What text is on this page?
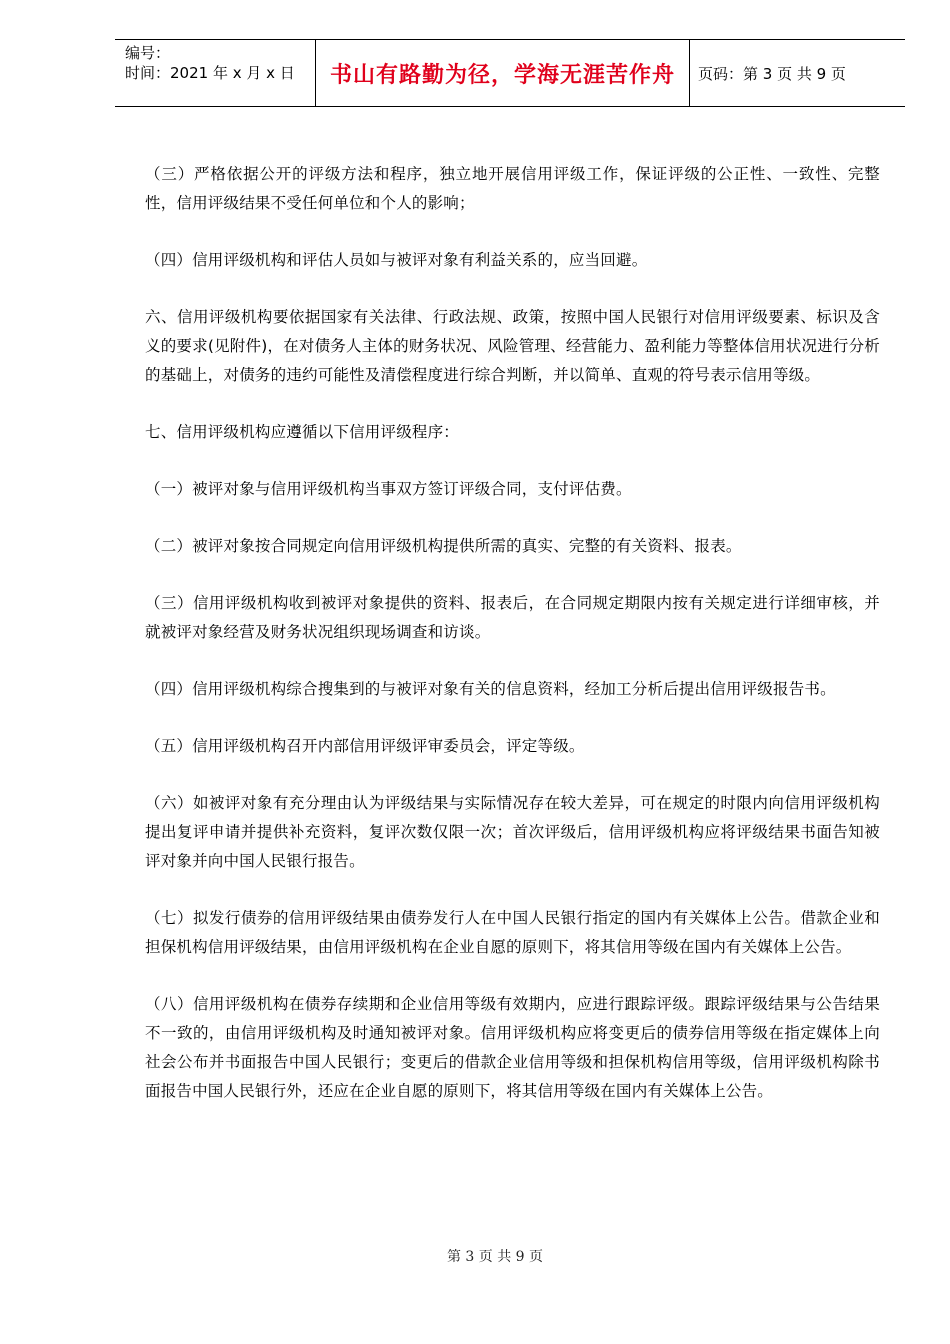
编号：
时间：2021 年 x 月 x 日	书山有路勤为径，学海无涯苦作舟 页码：第 3 页 共 9 页

（三）严格依据公开的评级方法和程序，独立地开展信用评级工作，保证评级的公正性、一致性、完整性，信用评级结果不受任何单位和个人的影响；

（四）信用评级机构和评估人员如与被评对象有利益关系的，应当回避。

六、信用评级机构要依据国家有关法律、行政法规、政策，按照中国人民银行对信用评级要素、标识及含义的要求(见附件)，在对债务人主体的财务状况、风险管理、经营能力、盈利能力等整体信用状况进行分析的基础上，对债务的违约可能性及清偿程度进行综合判断，并以简单、直观的符号表示信用等级。

七、信用评级机构应遵循以下信用评级程序：

（一）被评对象与信用评级机构当事双方签订评级合同，支付评估费。

（二）被评对象按合同规定向信用评级机构提供所需的真实、完整的有关资料、报表。

（三）信用评级机构收到被评对象提供的资料、报表后，在合同规定期限内按有关规定进行详细审核，并就被评对象经营及财务状况组织现场调查和访谈。

（四）信用评级机构综合搜集到的与被评对象有关的信息资料，经加工分析后提出信用评级报告书。

（五）信用评级机构召开内部信用评级评审委员会，评定等级。

（六）如被评对象有充分理由认为评级结果与实际情况存在较大差异，可在规定的时限内向信用评级机构提出复评申请并提供补充资料，复评次数仅限一次；首次评级后，信用评级机构应将评级结果书面告知被评对象并向中国人民银行报告。

（七）拟发行债券的信用评级结果由债券发行人在中国人民银行指定的国内有关媒体上公告。借款企业和担保机构信用评级结果，由信用评级机构在企业自愿的原则下，将其信用等级在国内有关媒体上公告。

（八）信用评级机构在债券存续期和企业信用等级有效期内，应进行跟踪评级。跟踪评级结果与公告结果不一致的，由信用评级机构及时通知被评对象。信用评级机构应将变更后的债券信用等级在指定媒体上向社会公布并书面报告中国人民银行；变更后的借款企业信用等级和担保机构信用等级，信用评级机构除书面报告中国人民银行外，还应在企业自愿的原则下，将其信用等级在国内有关媒体上公告。

第 3 页 共 9 页
